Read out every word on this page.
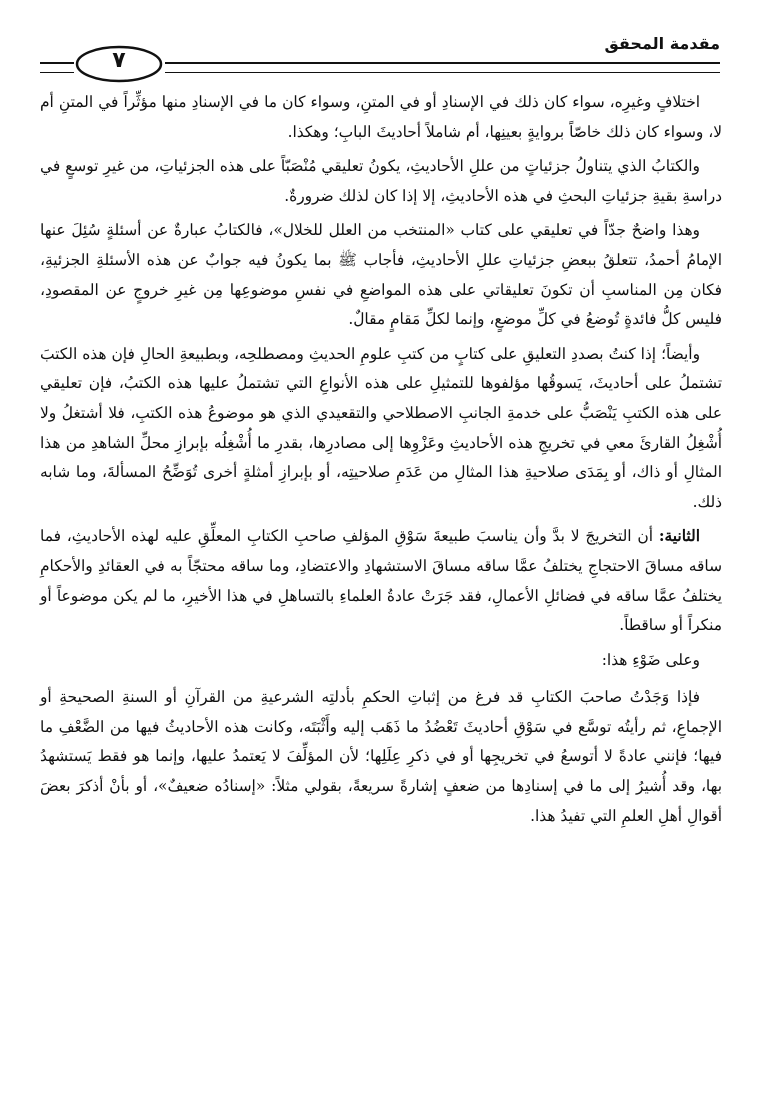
مقدمة المحقق
٧

اختلافٍ وغيرِه، سواء كان ذلك في الإسنادِ أو في المتنِ، وسواء كان ما في الإسنادِ منها مؤثِّراً في المتنِ أم لا، وسواء كان ذلك خاصّاً بروايةٍ بعينِها، أم شاملاً أحاديثَ البابِ؛ وهكذا.

والكتابُ الذي يتناولُ جزئياتٍ من عللِ الأحاديثِ، يكونُ تعليقي مُنْصَبّاً على هذه الجزئياتِ، من غيرِ توسعٍ في دراسةِ بقيةِ جزئياتِ البحثِ في هذه الأحاديثِ، إلا إذا كان لذلك ضرورةٌ.

وهذا واضحٌ جدّاً في تعليقي على كتاب «المنتخب من العلل للخلال»، فالكتابُ عبارةٌ عن أسئلةٍ سُئِلَ عنها الإمامُ أحمدُ، تتعلقُ ببعضِ جزئياتِ عللِ الأحاديثِ، فأجاب ﷺ بما يكونُ فيه جوابٌ عن هذه الأسئلةِ الجزئيةِ، فكان مِن المناسبِ أن تكونَ تعليقاتي على هذه المواضعِ في نفسِ موضوعِها مِن غيرِ خروجٍ عن المقصودِ، فليس كلُّ فائدةٍ تُوضعُ في كلِّ موضعٍ، وإنما لكلِّ مَقامٍ مقالٌ.

وأيضاً؛ إذا كنتُ بصددِ التعليقِ على كتابٍ من كتبِ علومِ الحديثِ ومصطلحِه، وبطبيعةِ الحالِ فإن هذه الكتبَ تشتملُ على أحاديثَ، يَسوقُها مؤلفوها للتمثيلِ على هذه الأنواعِ التي تشتملُ عليها هذه الكتبُ، فإن تعليقي على هذه الكتبِ يَنْصَبُّ على خدمةِ الجانبِ الاصطلاحي والتقعيدي الذي هو موضوعُ هذه الكتبِ، فلا أشتغلُ ولا أُشْغِلُ القارئَ معي في تخريجِ هذه الأحاديثِ وعَزْوِها إلى مصادرِها، بقدرِ ما أُشْغِلُه بإبرازِ محلِّ الشاهدِ من هذا المثالِ أو ذاك، أو بِمَدَى صلاحيةِ هذا المثالِ من عَدَمِ صلاحيتِه، أو بإبرازِ أمثلةٍ أخرى تُوَضِّحُ المسألةَ، وما شابه ذلك.

الثانية: أن التخريجَ لا بدَّ وأن يناسبَ طبيعةَ سَوْقِ المؤلفِ صاحبِ الكتابِ المعلِّقِ عليه لهذه الأحاديثِ، فما ساقه مساقَ الاحتجاجِ يختلفُ عمَّا ساقه مساقَ الاستشهادِ والاعتضادِ، وما ساقه محتجّاً به في العقائدِ والأحكامِ يختلفُ عمَّا ساقه في فضائلِ الأعمالِ، فقد جَرَتْ عادةُ العلماءِ بالتساهلِ في هذا الأخيرِ، ما لم يكن موضوعاً أو منكراً أو ساقطاً.

وعلى ضَوْءِ هذا:

فإذا وَجَدْتُ صاحبَ الكتابِ قد فرغ من إثباتِ الحكمِ بأدلتِه الشرعيةِ من القرآنِ أو السنةِ الصحيحةِ أو الإجماعِ، ثم رأيتُه توسَّع في سَوْقِ أحاديثَ تَعْضُدُ ما ذَهَب إليه وأَثْبَتَه، وكانت هذه الأحاديثُ فيها من الضَّعْفِ ما فيها؛ فإنني عادةً لا أتوسعُ في تخريجِها أو في ذكرِ عِلَلِها؛ لأن المؤلِّفَ لا يَعتمدُ عليها، وإنما هو فقط يَستشهدُ بها، وقد أُشيرُ إلى ما في إسنادِها من ضعفٍ إشارةً سريعةً، بقولي مثلاً: «إسنادُه ضعيفٌ»، أو بأنْ أذكرَ بعضَ أقوالِ أهلِ العلمِ التي تفيدُ هذا.
